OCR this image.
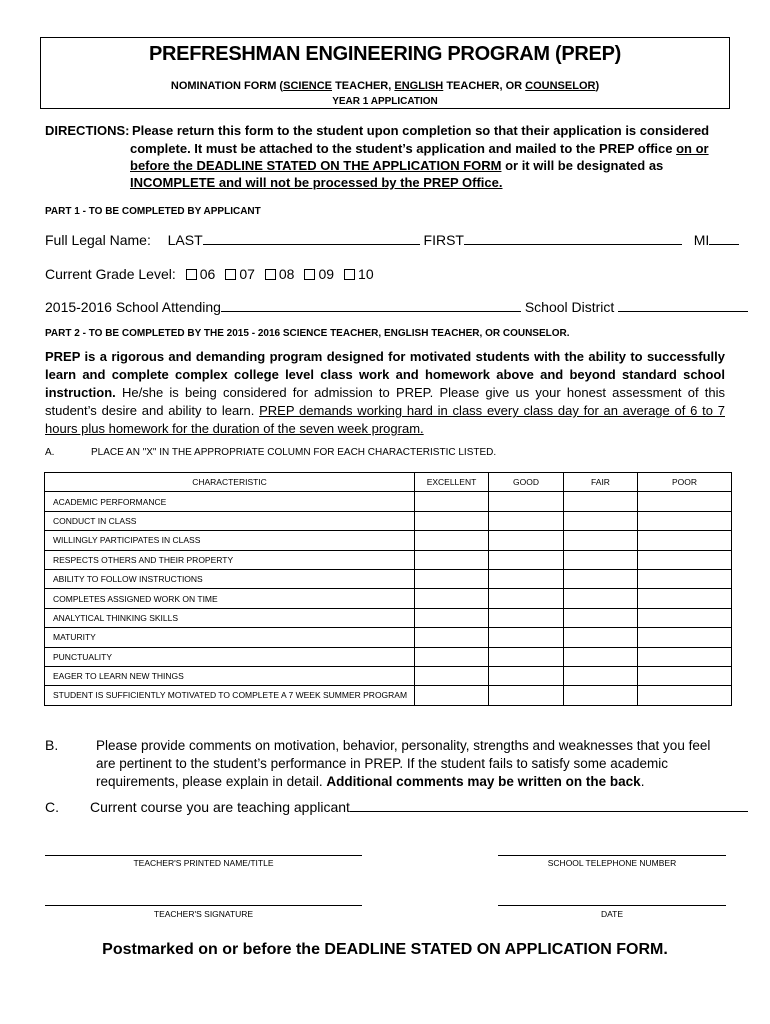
PREFRESHMAN ENGINEERING PROGRAM (PREP)
NOMINATION FORM (SCIENCE TEACHER, ENGLISH TEACHER, OR COUNSELOR)
YEAR 1 APPLICATION
DIRECTIONS: Please return this form to the student upon completion so that their application is considered
complete. It must be attached to the student’s application and mailed to the PREP office on or
before the DEADLINE STATED ON THE APPLICATION FORM or it will be designated as
INCOMPLETE and will not be processed by the PREP Office.
PART 1 - TO BE COMPLETED BY APPLICANT
Full Legal Name: LAST	FIRST	MI
Current Grade Level: 06 07 08 09 10
2015-2016 School Attending	School District
PART 2 - TO BE COMPLETED BY THE 2015 - 2016 SCIENCE TEACHER, ENGLISH TEACHER, OR COUNSELOR.
PREP is a rigorous and demanding program designed for motivated students with the ability to successfully learn and complete complex college level class work and homework above and beyond standard school instruction. He/she is being considered for admission to PREP. Please give us your honest assessment of this student’s desire and ability to learn. PREP demands working hard in class every class day for an average of 6 to 7 hours plus homework for the duration of the seven week program.
A.	PLACE AN "X" IN THE APPROPRIATE COLUMN FOR EACH CHARACTERISTIC LISTED.
CHARACTERISTIC	EXCELLENT	GOOD	FAIR	POOR
ACADEMIC PERFORMANCE				
CONDUCT IN CLASS				
WILLINGLY PARTICIPATES IN CLASS				
RESPECTS OTHERS AND THEIR PROPERTY				
ABILITY TO FOLLOW INSTRUCTIONS				
COMPLETES ASSIGNED WORK ON TIME				
ANALYTICAL THINKING SKILLS				
MATURITY				
PUNCTUALITY				
EAGER TO LEARN NEW THINGS				
STUDENT IS SUFFICIENTLY MOTIVATED TO COMPLETE A 7 WEEK SUMMER PROGRAM				
B.	Please provide comments on motivation, behavior, personality, strengths and weaknesses that you feel are pertinent to the student’s performance in PREP. If the student fails to satisfy some academic requirements, please explain in detail. Additional comments may be written on the back.
C. Current course you are teaching applicant
TEACHER'S PRINTED NAME/TITLE	SCHOOL TELEPHONE NUMBER
TEACHER'S SIGNATURE	DATE
Postmarked on or before the DEADLINE STATED ON APPLICATION FORM.
